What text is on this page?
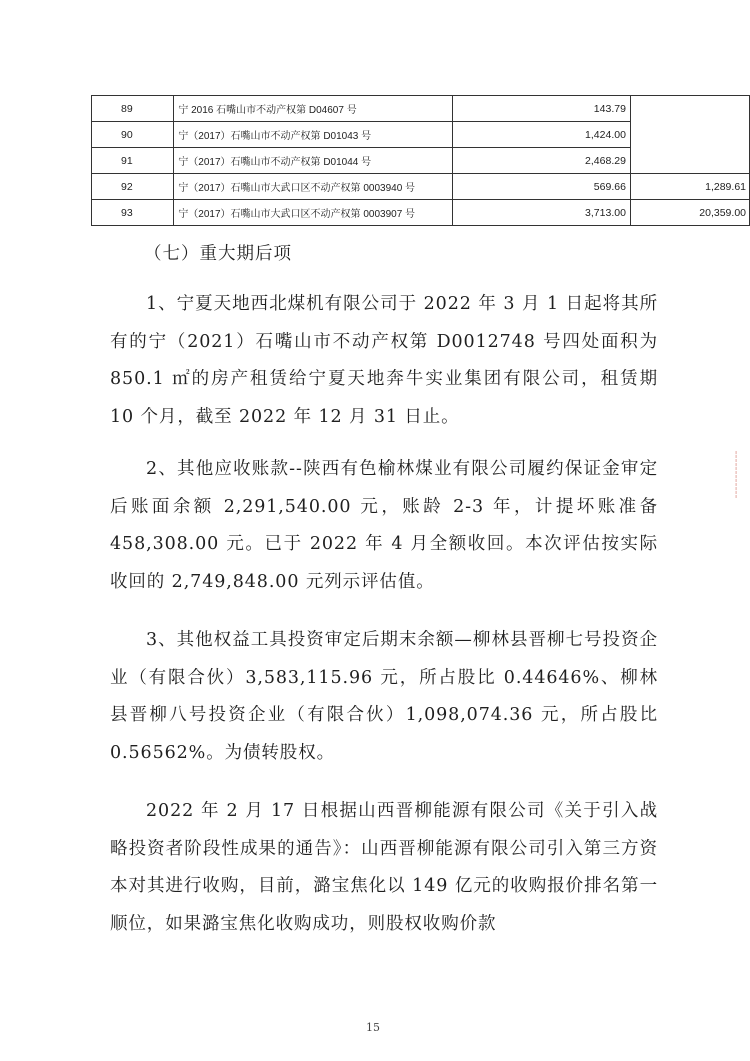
89	宁 2016 石嘴山市不动产权第 D04607 号	143.79	
90	宁（2017）石嘴山市不动产权第 D01043 号	1,424.00	
91	宁（2017）石嘴山市不动产权第 D01044 号	2,468.29	
92	宁（2017）石嘴山市大武口区不动产权第 0003940 号	569.66	1,289.61
93	宁（2017）石嘴山市大武口区不动产权第 0003907 号	3,713.00	20,359.00
（七）重大期后项

1、宁夏天地西北煤机有限公司于 2022 年 3 月 1 日起将其所有的宁（2021）石嘴山市不动产权第 D0012748 号四处面积为 850.1 ㎡的房产租赁给宁夏天地奔牛实业集团有限公司，租赁期 10 个月，截至 2022 年 12 月 31 日止。

2、其他应收账款--陕西有色榆林煤业有限公司履约保证金审定后账面余额 2,291,540.00 元，账龄 2-3 年，计提坏账准备 458,308.00 元。已于 2022 年 4 月全额收回。本次评估按实际收回的 2,749,848.00 元列示评估值。

3、其他权益工具投资审定后期末余额—柳林县晋柳七号投资企业（有限合伙）3,583,115.96 元，所占股比 0.44646%、柳林县晋柳八号投资企业（有限合伙）1,098,074.36 元，所占股比 0.56562%。为债转股权。

2022 年 2 月 17 日根据山西晋柳能源有限公司《关于引入战略投资者阶段性成果的通告》：山西晋柳能源有限公司引入第三方资本对其进行收购，目前，潞宝焦化以 149 亿元的收购报价排名第一顺位，如果潞宝焦化收购成功，则股权收购价款

┆
┆
┆
┆
15
